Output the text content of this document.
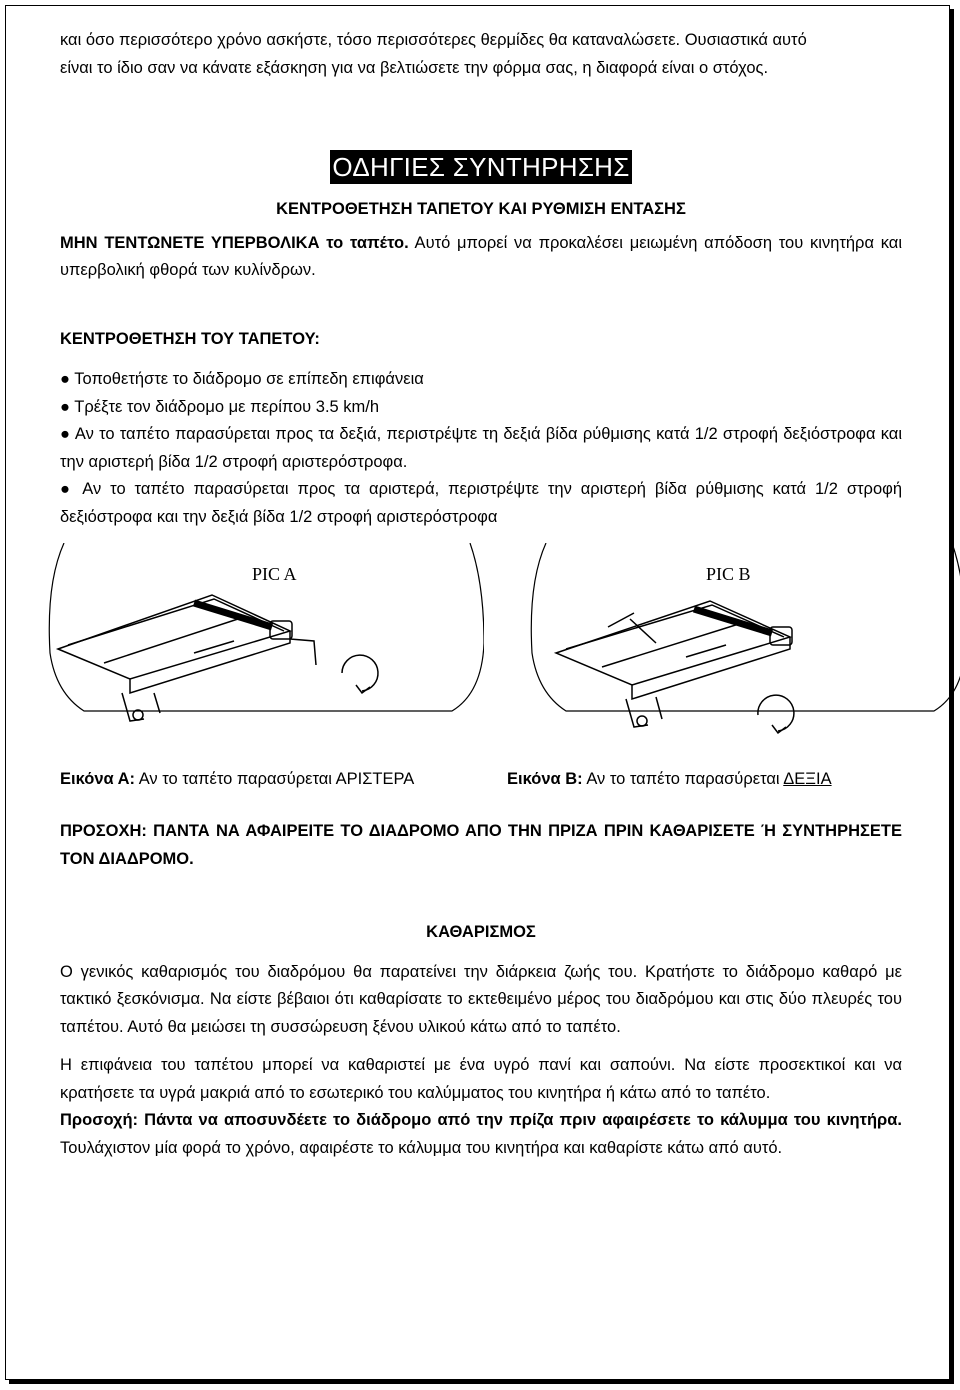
και όσο περισσότερο χρόνο ασκήστε, τόσο περισσότερες θερμίδες θα καταναλώσετε. Ουσιαστικά αυτό
είναι το ίδιο σαν να κάνατε εξάσκηση για να βελτιώσετε την φόρμα σας, η διαφορά είναι ο στόχος.

ΟΔΗΓΙΕΣ ΣΥΝΤΗΡΗΣΗΣ

ΚΕΝΤΡΟΘΕΤΗΣΗ ΤΑΠΕΤΟΥ ΚΑΙ ΡΥΘΜΙΣΗ ΕΝΤΑΣΗΣ

ΜΗΝ ΤΕΝΤΩΝΕΤΕ ΥΠΕΡΒΟΛΙΚΑ το ταπέτο. Αυτό μπορεί να προκαλέσει μειωμένη απόδοση του κινητήρα και υπερβολική φθορά των κυλίνδρων.

ΚΕΝΤΡΟΘΕΤΗΣΗ ΤΟΥ ΤΑΠΕΤΟΥ:

● Τοποθετήστε το διάδρομο σε επίπεδη επιφάνεια

● Τρέξτε τον διάδρομο με περίπου 3.5 km/h

● Αν το ταπέτο παρασύρεται προς τα δεξιά, περιστρέψτε τη δεξιά βίδα ρύθμισης κατά 1/2 στροφή δεξιόστροφα και την αριστερή βίδα 1/2 στροφή αριστερόστροφα.

● Αν το ταπέτο παρασύρεται προς τα αριστερά, περιστρέψτε την αριστερή βίδα ρύθμισης κατά 1/2 στροφή δεξιόστροφα και την δεξιά βίδα 1/2 στροφή αριστερόστροφα

PIC A	PIC B
Εικόνα Α: Αν το ταπέτο παρασύρεται ΑΡΙΣΤΕΡΑ	Εικόνα Β: Αν το ταπέτο παρασύρεται ΔΕΞΙΑ

ΠΡΟΣΟΧΗ: ΠΑΝΤΑ ΝΑ ΑΦΑΙΡΕΙΤΕ ΤΟ ΔΙΑΔΡΟΜΟ ΑΠΟ ΤΗΝ ΠΡΙΖΑ ΠΡΙΝ ΚΑΘΑΡΙΣΕΤΕ Ή ΣΥΝΤΗΡΗΣΕΤΕ ΤΟΝ ΔΙΑΔΡΟΜΟ.

ΚΑΘΑΡΙΣΜΟΣ

Ο γενικός καθαρισμός του διαδρόμου θα παρατείνει την διάρκεια ζωής του. Κρατήστε το διάδρομο καθαρό με τακτικό ξεσκόνισμα. Να είστε βέβαιοι ότι καθαρίσατε το εκτεθειμένο μέρος του διαδρόμου και στις δύο πλευρές του ταπέτου. Αυτό θα μειώσει τη συσσώρευση ξένου υλικού κάτω από το ταπέτο.

Η επιφάνεια του ταπέτου μπορεί να καθαριστεί με ένα υγρό πανί και σαπούνι. Να είστε προσεκτικοί και να κρατήσετε τα υγρά μακριά από το εσωτερικό του καλύμματος του κινητήρα ή κάτω από το ταπέτο.

Προσοχή: Πάντα να αποσυνδέετε το διάδρομο από την πρίζα πριν αφαιρέσετε το κάλυμμα του κινητήρα. Τουλάχιστον μία φορά το χρόνο, αφαιρέστε το κάλυμμα του κινητήρα και καθαρίστε κάτω από αυτό.
